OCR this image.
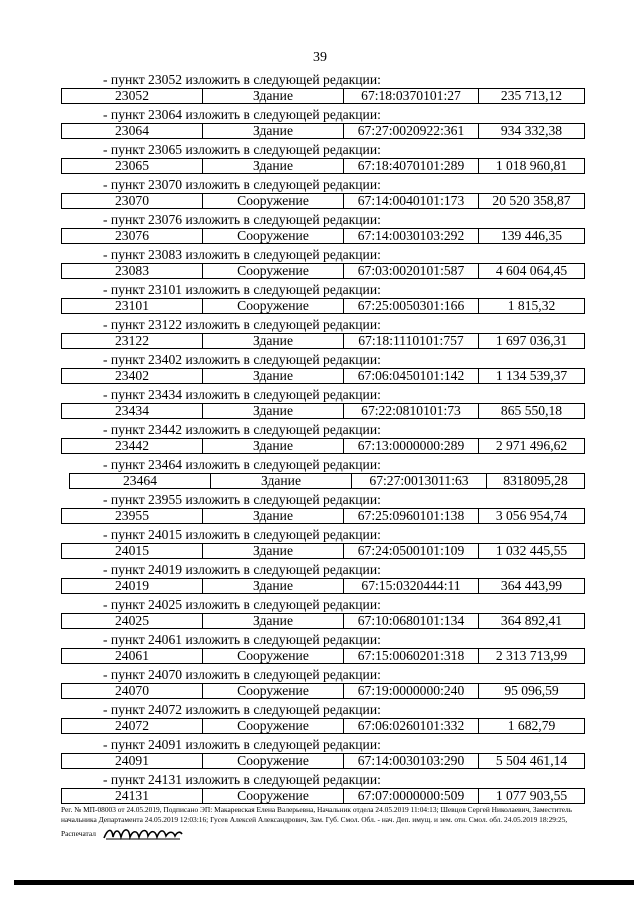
39
- пункт 23052 изложить в следующей редакции:
23052	Здание	67:18:0370101:27	235 713,12
- пункт 23064 изложить в следующей редакции:
23064	Здание	67:27:0020922:361	934 332,38
- пункт 23065 изложить в следующей редакции:
23065	Здание	67:18:4070101:289	1 018 960,81
- пункт 23070 изложить в следующей редакции:
23070	Сооружение	67:14:0040101:173	20 520 358,87
- пункт 23076 изложить в следующей редакции:
23076	Сооружение	67:14:0030103:292	139 446,35
- пункт 23083 изложить в следующей редакции:
23083	Сооружение	67:03:0020101:587	4 604 064,45
- пункт 23101 изложить в следующей редакции:
23101	Сооружение	67:25:0050301:166	1 815,32
- пункт 23122 изложить в следующей редакции:
23122	Здание	67:18:1110101:757	1 697 036,31
- пункт 23402 изложить в следующей редакции:
23402	Здание	67:06:0450101:142	1 134 539,37
- пункт 23434 изложить в следующей редакции:
23434	Здание	67:22:0810101:73	865 550,18
- пункт 23442 изложить в следующей редакции:
23442	Здание	67:13:0000000:289	2 971 496,62
- пункт 23464 изложить в следующей редакции:
23464	Здание	67:27:0013011:63	8318095,28
- пункт 23955 изложить в следующей редакции:
23955	Здание	67:25:0960101:138	3 056 954,74
- пункт 24015 изложить в следующей редакции:
24015	Здание	67:24:0500101:109	1 032 445,55
- пункт 24019 изложить в следующей редакции:
24019	Здание	67:15:0320444:11	364 443,99
- пункт 24025 изложить в следующей редакции:
24025	Здание	67:10:0680101:134	364 892,41
- пункт 24061 изложить в следующей редакции:
24061	Сооружение	67:15:0060201:318	2 313 713,99
- пункт 24070 изложить в следующей редакции:
24070	Сооружение	67:19:0000000:240	95 096,59
- пункт 24072 изложить в следующей редакции:
24072	Сооружение	67:06:0260101:332	1 682,79
- пункт 24091 изложить в следующей редакции:
24091	Сооружение	67:14:0030103:290	5 504 461,14
- пункт 24131 изложить в следующей редакции:
24131	Сооружение	67:07:0000000:509	1 077 903,55
Рег. № МП-08003 от 24.05.2019, Подписано ЭП: Макаревская Елена Валерьевна, Начальник отдела 24.05.2019 11:04:13; Шевцов Сергей Николаевич, Заместитель начальника Департамента 24.05.2019 12:03:16; Гусев Алексей Александрович, Зам. Губ. Смол. Обл. - нач. Деп. имущ. и зем. отн. Смол. обл. 24.05.2019 18:29:25, Распечатал
